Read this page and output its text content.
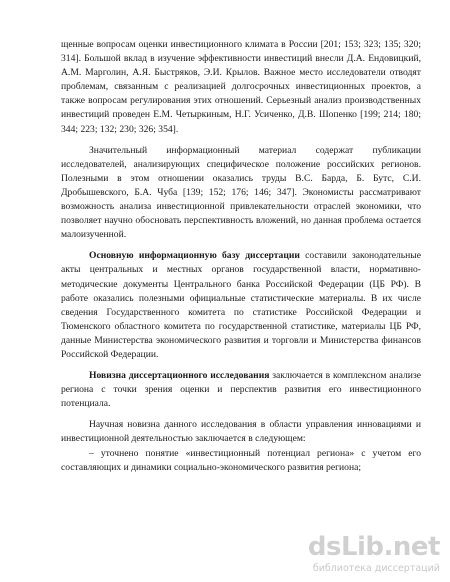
щенные вопросам оценки инвестиционного климата в России [201; 153; 323; 135; 320; 314]. Большой вклад в изучение эффективности инвестиций внесли Д.А. Ендовицкий, А.М. Марголин, А.Я. Быстряков, Э.И. Крылов. Важное место исследователи отводят проблемам, связанным с реализацией долгосрочных инвестиционных проектов, а также вопросам регулирования этих отношений. Серьезный анализ производственных инвестиций проведен Е.М. Четыркиным, Н.Г. Усиченко, Д.В. Шопенко [199; 214; 180; 344; 223; 132; 230; 326; 354].

Значительный информационный материал содержат публикации исследователей, анализирующих специфическое положение российских регионов. Полезными в этом отношении оказались труды В.С. Барда, Б. Бутс, С.И. Дробышевского, Б.А. Чуба [139; 152; 176; 146; 347]. Экономисты рассматривают возможность анализа инвестиционной привлекательности отраслей экономики, что позволяет научно обосновать перспективность вложений, но данная проблема остается малоизученной.

Основную информационную базу диссертации составили законодательные акты центральных и местных органов государственной власти, нормативно-методические документы Центрального банка Российской Федерации (ЦБ РФ). В работе оказались полезными официальные статистические материалы. В их числе сведения Государственного комитета по статистике Российской Федерации и Тюменского областного комитета по государственной статистике, материалы ЦБ РФ, данные Министерства экономического развития и торговли и Министерства финансов Российской Федерации.

Новизна диссертационного исследования заключается в комплексном анализе региона с точки зрения оценки и перспектив развития его инвестиционного потенциала.

Научная новизна данного исследования в области управления инновациями и инвестиционной деятельностью заключается в следующем:

– уточнено понятие «инвестиционный потенциал региона» с учетом его составляющих и динамики социально-экономического развития региона;

dsLib.net
библиотека диссертаций
